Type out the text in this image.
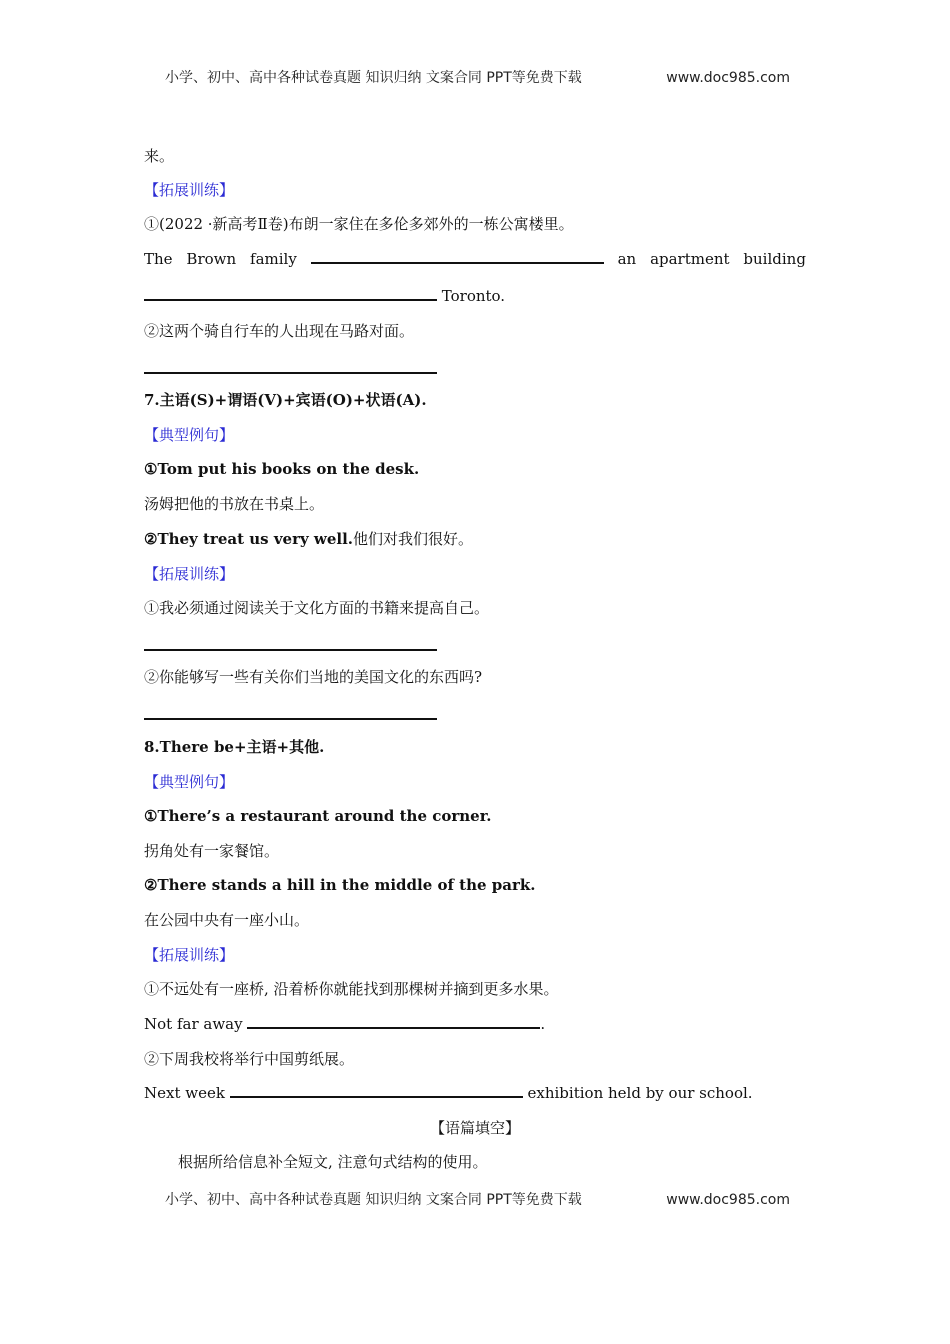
小学、初中、高中各种试卷真题 知识归纳 文案合同 PPT等免费下载	www.doc985.com
来。
【拓展训练】
①(2022 ·新高考Ⅱ卷)布朗一家住在多伦多郊外的一栋公寓楼里。
The Brown family	an apartment building
Toronto.
②这两个骑自行车的人出现在马路对面。
7.主语(S)+谓语(V)+宾语(O)+状语(A).
【典型例句】
①Tom put his books on the desk.
汤姆把他的书放在书桌上。
②They treat us very well.他们对我们很好。
【拓展训练】
①我必须通过阅读关于文化方面的书籍来提高自己。
②你能够写一些有关你们当地的美国文化的东西吗?
8.There be+主语+其他.
【典型例句】
①There’s a restaurant around the corner.
拐角处有一家餐馆。
②There stands a hill in the middle of the park.
在公园中央有一座小山。
【拓展训练】
①不远处有一座桥, 沿着桥你就能找到那棵树并摘到更多水果。
Not far away	.
②下周我校将举行中国剪纸展。
Next week	exhibition held by our school.
【语篇填空】
根据所给信息补全短文, 注意句式结构的使用。
小学、初中、高中各种试卷真题 知识归纳 文案合同 PPT等免费下载	www.doc985.com
